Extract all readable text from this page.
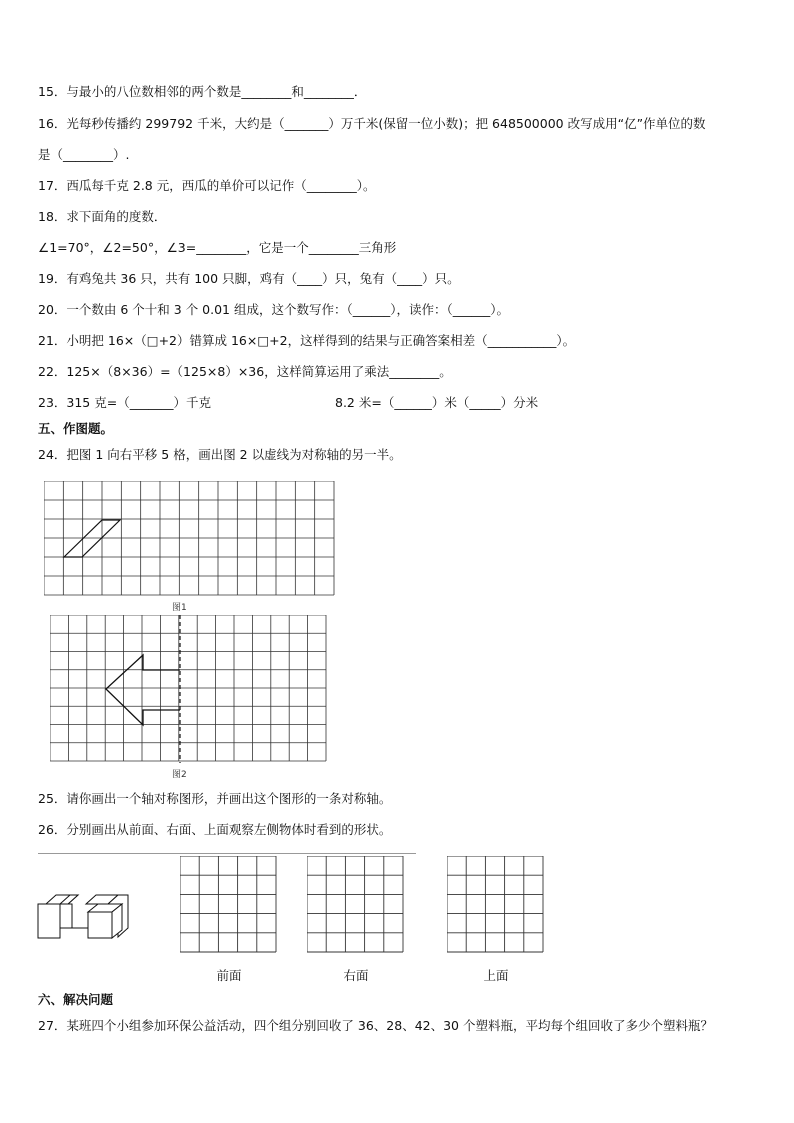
15．与最小的八位数相邻的两个数是________和________．
16．光每秒传播约 299792 千米，大约是（_______）万千米(保留一位小数)；把 648500000 改写成用“亿”作单位的数
是（________）.
17．西瓜每千克 2.8 元，西瓜的单价可以记作（________）。
18．求下面角的度数．
∠1=70°，∠2=50°，∠3=________，它是一个________三角形
19．有鸡兔共 36 只，共有 100 只脚，鸡有（____）只，兔有（____）只。
20．一个数由 6 个十和 3 个 0.01 组成，这个数写作：（______），读作：（______）。
21．小明把 16×（□+2）错算成 16×□+2，这样得到的结果与正确答案相差（___________）。
22．125×（8×36）=（125×8）×36，这样简算运用了乘法________。
23．315 克=（_______）千克	8.2 米=（______）米（_____）分米
五、作图题。
24．把图 1 向右平移 5 格，画出图 2 以虚线为对称轴的另一半。
图1
图2
25．请你画出一个轴对称图形，并画出这个图形的一条对称轴。
26．分别画出从前面、右面、上面观察左侧物体时看到的形状。
前面	右面	上面
六、解决问题
27．某班四个小组参加环保公益活动，四个组分别回收了 36、28、42、30 个塑料瓶，平均每个组回收了多少个塑料瓶？
